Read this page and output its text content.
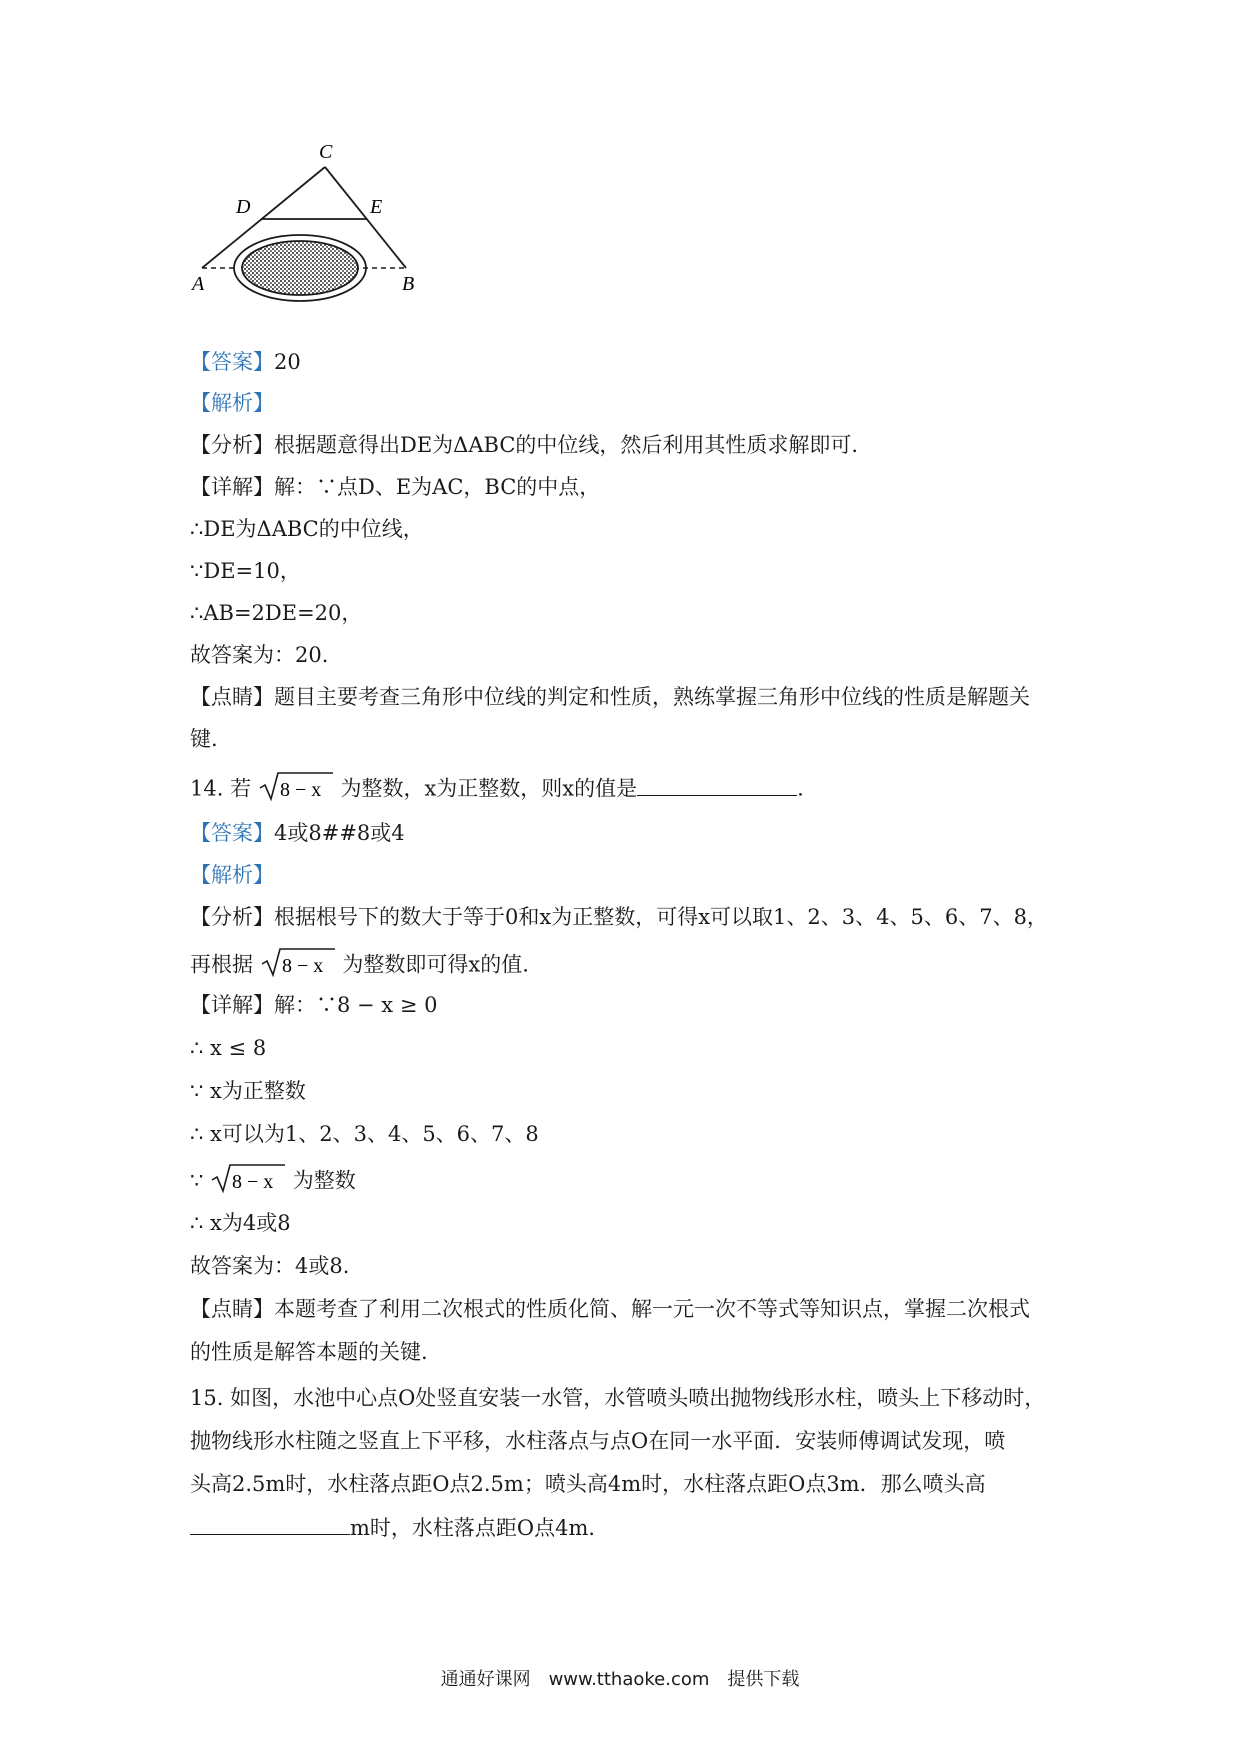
C
D	E
A	B
【答案】20
【解析】
【分析】根据题意得出DE为ΔABC的中位线，然后利用其性质求解即可.
【详解】解：∵点D、E为AC，BC的中点，
∴DE为ΔABC的中位线，
∵DE=10，
∴AB=2DE=20，
故答案为：20.
【点睛】题目主要考查三角形中位线的判定和性质，熟练掌握三角形中位线的性质是解题关
键.
14. 若 8 − x 为整数，x为正整数，则x的值是	.
【答案】4或8##8或4
【解析】
【分析】根据根号下的数大于等于0和x为正整数，可得x可以取1、2、3、4、5、6、7、8，
再根据 8 − x 为整数即可得x的值.
【详解】解：∵8 − x ≥ 0
∴ x ≤ 8
∵ x为正整数
∴ x可以为1、2、3、4、5、6、7、8
∵ 8 − x 为整数
∴ x为4或8
故答案为：4或8.
【点睛】本题考查了利用二次根式的性质化简、解一元一次不等式等知识点，掌握二次根式
的性质是解答本题的关键.
15. 如图，水池中心点O处竖直安装一水管，水管喷头喷出抛物线形水柱，喷头上下移动时，
抛物线形水柱随之竖直上下平移，水柱落点与点O在同一水平面．安装师傅调试发现，喷
头高2.5m时，水柱落点距O点2.5m；喷头高4m时，水柱落点距O点3m．那么喷头高
m时，水柱落点距O点4m．
通通好课网　www.tthaoke.com　提供下载
